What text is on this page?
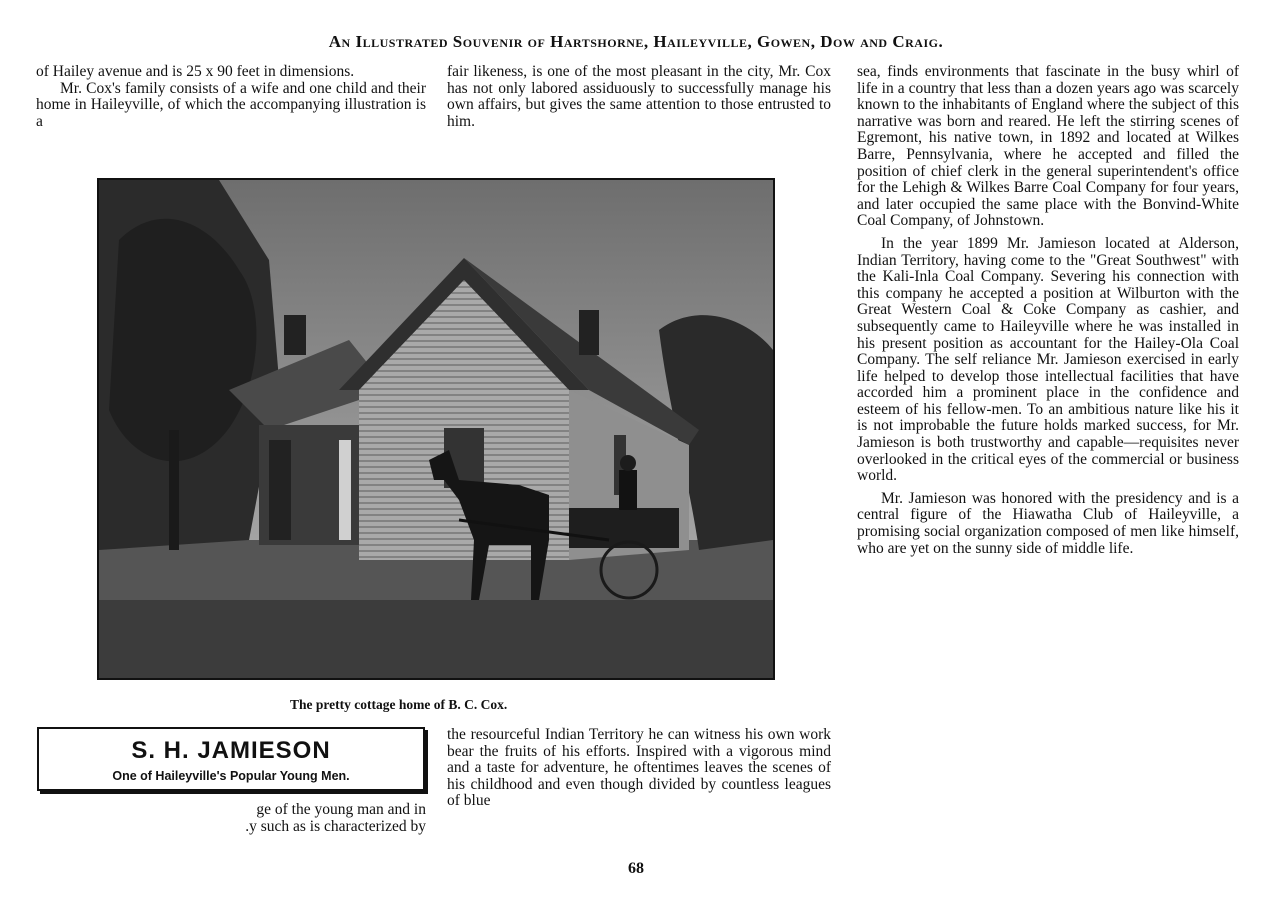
An Illustrated Souvenir of Hartshorne, Haileyville, Gowen, Dow and Craig.

of Hailey avenue and is 25 x 90 feet in dimensions.

Mr. Cox's family consists of a wife and one child and their home in Haileyville, of which the accompanying illustration is a

fair likeness, is one of the most pleasant in the city, Mr. Cox has not only labored assiduously to successfully manage his own affairs, but gives the same attention to those entrusted to him.

sea, finds environments that fascinate in the busy whirl of life in a country that less than a dozen years ago was scarcely known to the inhabitants of England where the subject of this narrative was born and reared. He left the stirring scenes of Egremont, his native town, in 1892 and located at Wilkes Barre, Pennsylvania, where he accepted and filled the position of chief clerk in the general superintendent's office for the Lehigh & Wilkes Barre Coal Company for four years, and later occupied the same place with the Bonvind-White Coal Company, of Johnstown.

In the year 1899 Mr. Jamieson located at Alderson, Indian Territory, having come to the "Great Southwest" with the Kali-Inla Coal Company. Severing his connection with this company he accepted a position at Wilburton with the Great Western Coal & Coke Company as cashier, and subsequently came to Haileyville where he was installed in his present position as accountant for the Hailey-Ola Coal Company. The self reliance Mr. Jamieson exercised in early life helped to develop those intellectual facilities that have accorded him a prominent place in the confidence and esteem of his fellow-men. To an ambitious nature like his it is not improbable the future holds marked success, for Mr. Jamieson is both trustworthy and capable—requisites never overlooked in the critical eyes of the commercial or business world.

Mr. Jamieson was honored with the presidency and is a central figure of the Hiawatha Club of Haileyville, a promising social organization composed of men like himself, who are yet on the sunny side of middle life.

The pretty cottage home of B. C. Cox.
S. H. JAMIESON
One of Haileyville's Popular Young Men.
ge of the young man and in
.y such as is characterized by

the resourceful Indian Territory he can witness his own work bear the fruits of his efforts. Inspired with a vigorous mind and a taste for adventure, he oftentimes leaves the scenes of his childhood and even though divided by countless leagues of blue

68
